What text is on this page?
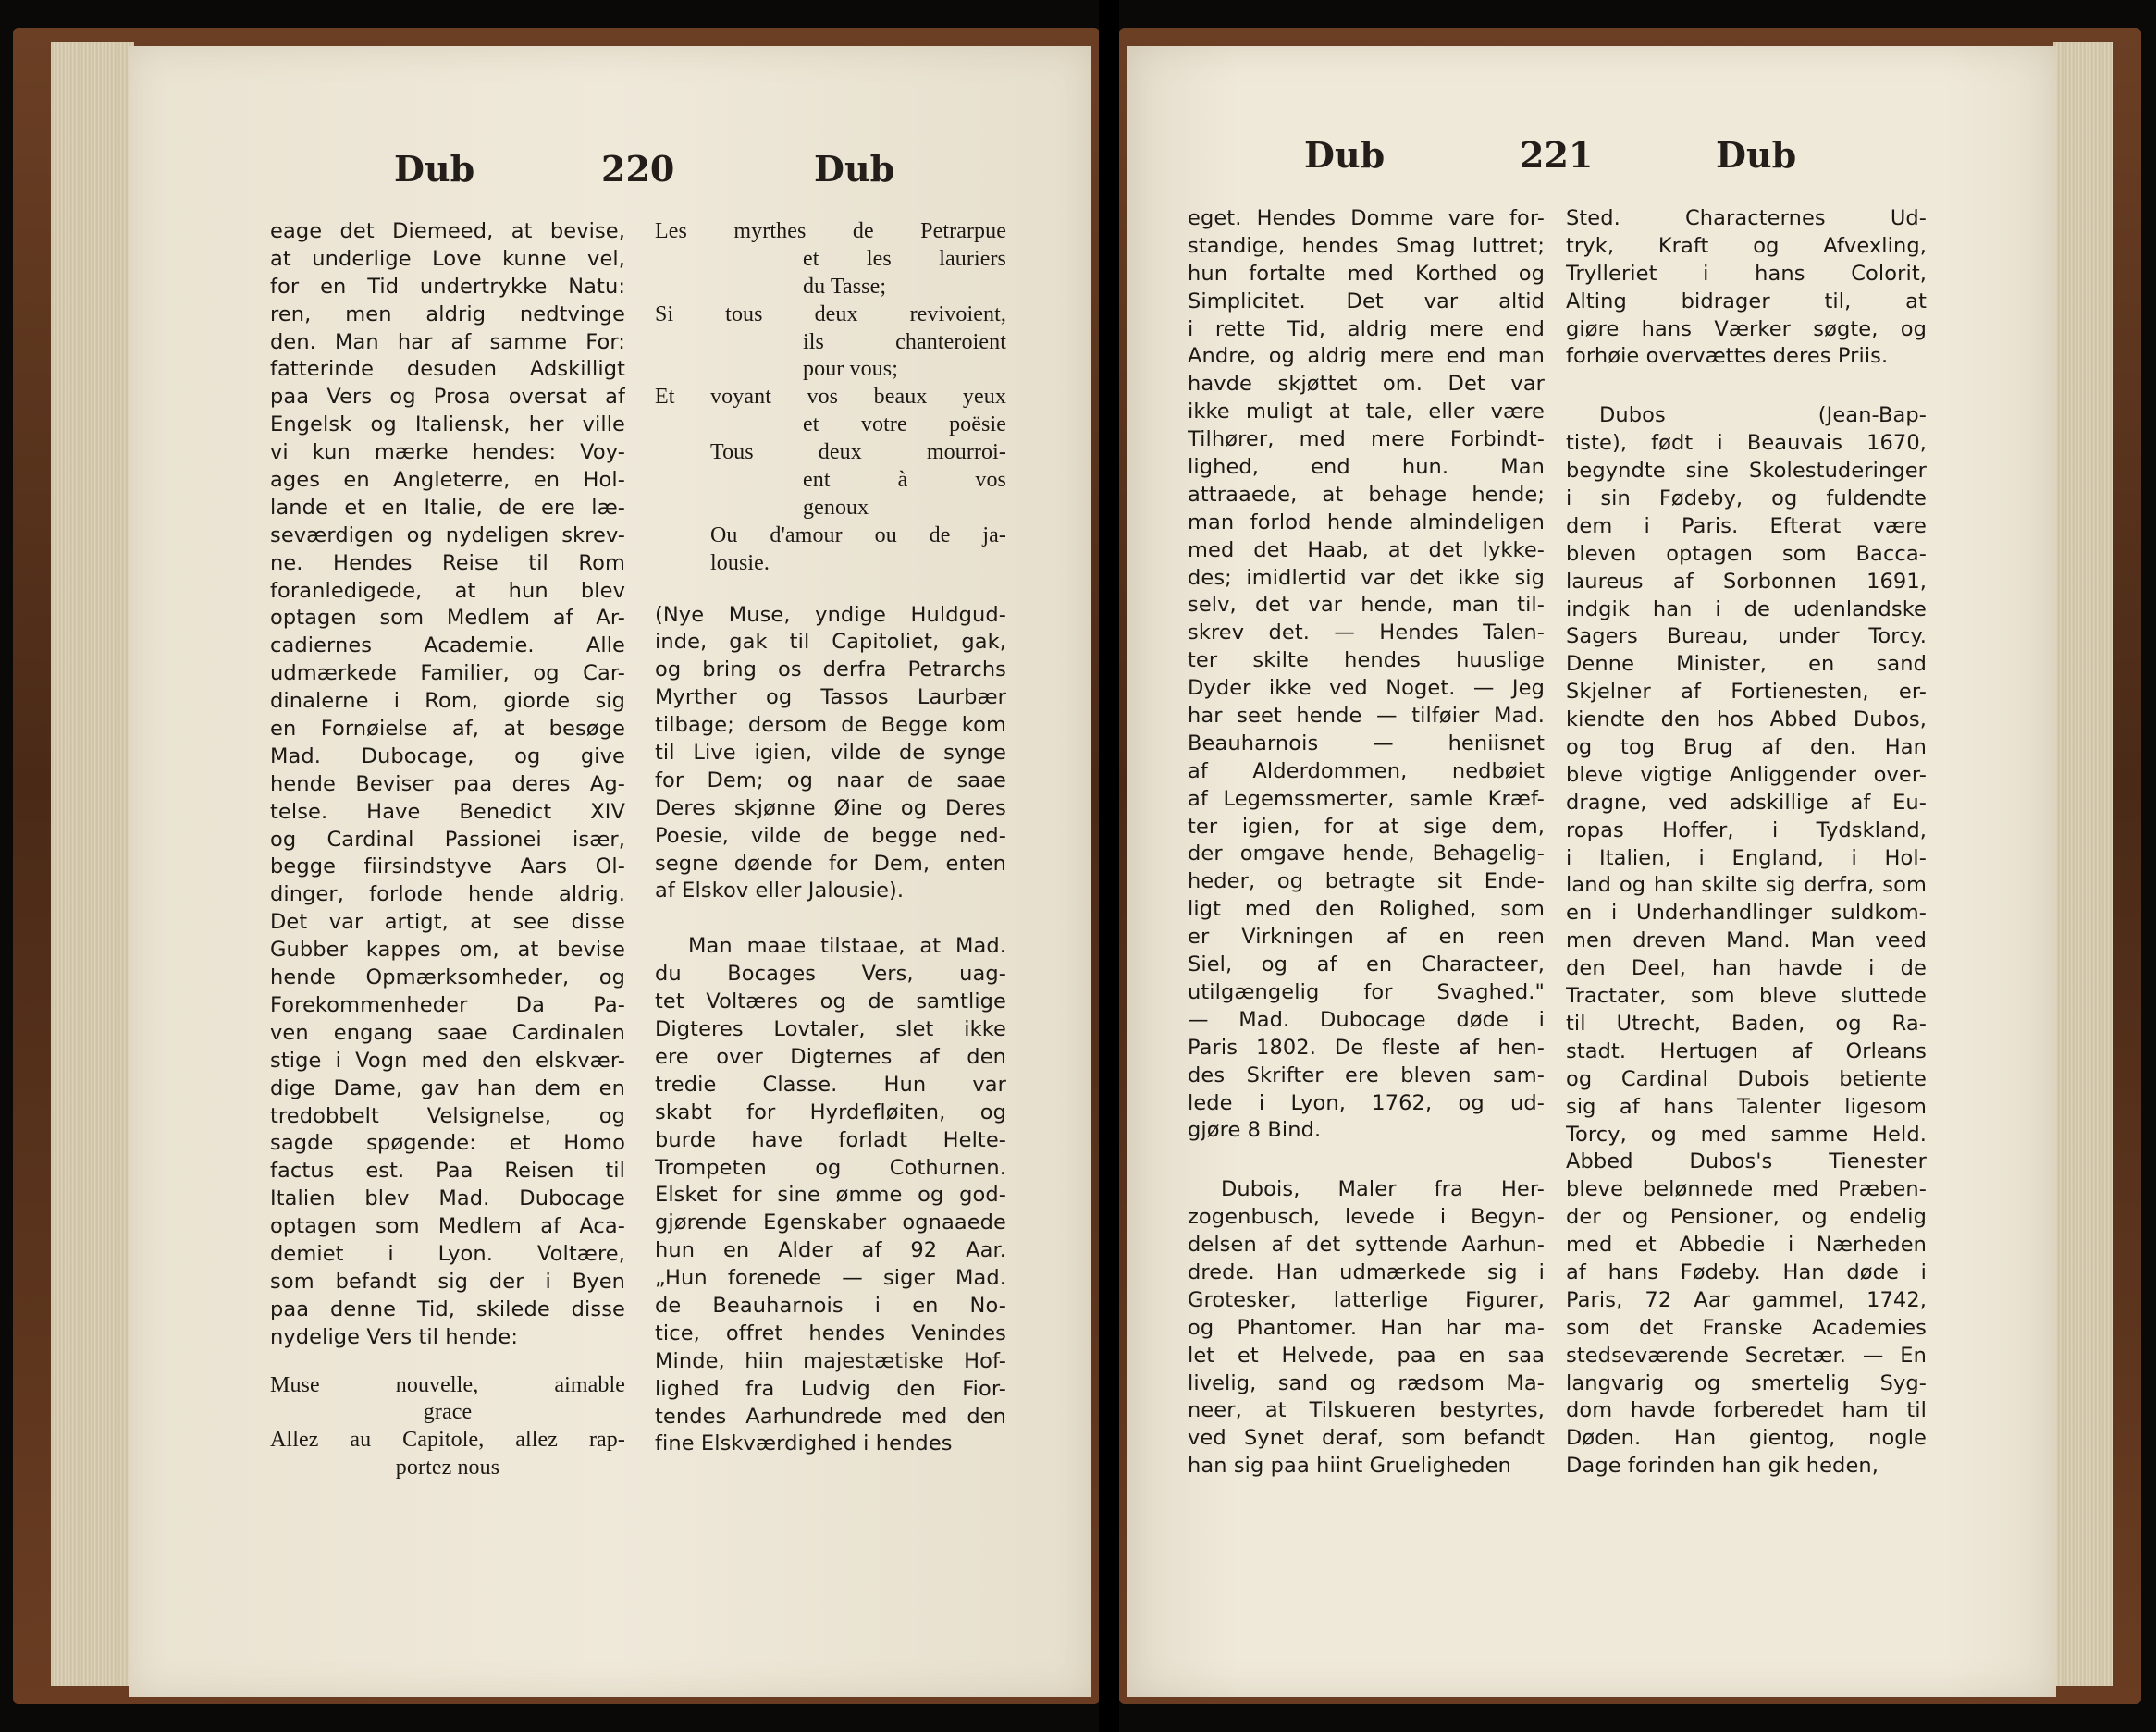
Dub	220	Dub	Dub	221	Dub
eage det Diemeed, at bevise,
at underlige Love kunne vel,
for en Tid undertrykke Natu:
ren, men aldrig nedtvinge
den. Man har af samme For:
fatterinde desuden Adskilligt
paa Vers og Prosa oversat af
Engelsk og Italiensk, her ville
vi kun mærke hendes: Voy-
ages en Angleterre, en Hol-
lande et en Italie, de ere læ-
seværdigen og nydeligen skrev-
ne. Hendes Reise til Rom
foranledigede, at hun blev
optagen som Medlem af Ar-
cadiernes Academie. Alle
udmærkede Familier, og Car-
dinalerne i Rom, giorde sig
en Fornøielse af, at besøge
Mad. Dubocage, og give
hende Beviser paa deres Ag-
telse. Have Benedict XIV
og Cardinal Passionei især,
begge fiirsindstyve Aars Ol-
dinger, forlode hende aldrig.
Det var artigt, at see disse
Gubber kappes om, at bevise
hende Opmærksomheder, og
Forekommenheder Da Pa-
ven engang saae Cardinalen
stige i Vogn med den elskvær-
dige Dame, gav han dem en
tredobbelt Velsignelse, og
sagde spøgende: et Homo
factus est. Paa Reisen til
Italien blev Mad. Dubocage
optagen som Medlem af Aca-
demiet i Lyon. Voltære,
som befandt sig der i Byen
paa denne Tid, skilede disse
nydelige Vers til hende:
Muse nouvelle, aimable
grace
Allez au Capitole, allez rap-
portez nous
Les myrthes de Petrarpue
et les lauriers
du Tasse;
Si tous deux revivoient,
ils chanteroient
pour vous;
Et voyant vos beaux yeux
et votre poësie
Tous deux mourroi-
ent à vos
genoux
Ou d'amour ou de ja-
lousie.
(Nye Muse, yndige Huldgud-
inde, gak til Capitoliet, gak,
og bring os derfra Petrarchs
Myrther og Tassos Laurbær
tilbage; dersom de Begge kom
til Live igien, vilde de synge
for Dem; og naar de saae
Deres skjønne Øine og Deres
Poesie, vilde de begge ned-
segne døende for Dem, enten
af Elskov eller Jalousie).
Man maae tilstaae, at Mad.
du Bocages Vers, uag-
tet Voltæres og de samtlige
Digteres Lovtaler, slet ikke
ere over Digternes af den
tredie Classe. Hun var
skabt for Hyrdefløiten, og
burde have forladt Helte-
Trompeten og Cothurnen.
Elsket for sine ømme og god-
gjørende Egenskaber ognaaede
hun en Alder af 92 Aar.
„Hun forenede — siger Mad.
de Beauharnois i en No-
tice, offret hendes Venindes
Minde, hiin majestætiske Hof-
lighed fra Ludvig den Fior-
tendes Aarhundrede med den
fine Elskværdighed i hendes
eget. Hendes Domme vare for-
standige, hendes Smag luttret;
hun fortalte med Korthed og
Simplicitet. Det var altid
i rette Tid, aldrig mere end
Andre, og aldrig mere end man
havde skjøttet om. Det var
ikke muligt at tale, eller være
Tilhører, med mere Forbindt-
lighed, end hun. Man
attraaede, at behage hende;
man forlod hende almindeligen
med det Haab, at det lykke-
des; imidlertid var det ikke sig
selv, det var hende, man til-
skrev det. — Hendes Talen-
ter skilte hendes huuslige
Dyder ikke ved Noget. — Jeg
har seet hende — tilføier Mad.
Beauharnois — heniisnet
af Alderdommen, nedbøiet
af Legemssmerter, samle Kræf-
ter igien, for at sige dem,
der omgave hende, Behagelig-
heder, og betragte sit Ende-
ligt med den Rolighed, som
er Virkningen af en reen
Siel, og af en Characteer,
utilgængelig for Svaghed."
— Mad. Dubocage døde i
Paris 1802. De fleste af hen-
des Skrifter ere bleven sam-
lede i Lyon, 1762, og ud-
gjøre 8 Bind.
Dubois, Maler fra Her-
zogenbusch, levede i Begyn-
delsen af det syttende Aarhun-
drede. Han udmærkede sig i
Grotesker, latterlige Figurer,
og Phantomer. Han har ma-
let et Helvede, paa en saa
livelig, sand og rædsom Ma-
neer, at Tilskueren bestyrtes,
ved Synet deraf, som befandt
han sig paa hiint Grueligheden
Sted. Characternes Ud-
tryk, Kraft og Afvexling,
Trylleriet i hans Colorit,
Alting bidrager til, at
giøre hans Værker søgte, og
forhøie overvættes deres Priis.
Dubos (Jean-Bap-
tiste), født i Beauvais 1670,
begyndte sine Skolestuderinger
i sin Fødeby, og fuldendte
dem i Paris. Efterat være
bleven optagen som Bacca-
laureus af Sorbonnen 1691,
indgik han i de udenlandske
Sagers Bureau, under Torcy.
Denne Minister, en sand
Skjelner af Fortienesten, er-
kiendte den hos Abbed Dubos,
og tog Brug af den. Han
bleve vigtige Anliggender over-
dragne, ved adskillige af Eu-
ropas Hoffer, i Tydskland,
i Italien, i England, i Hol-
land og han skilte sig derfra, som
en i Underhandlinger suldkom-
men dreven Mand. Man veed
den Deel, han havde i de
Tractater, som bleve sluttede
til Utrecht, Baden, og Ra-
stadt. Hertugen af Orleans
og Cardinal Dubois betiente
sig af hans Talenter ligesom
Torcy, og med samme Held.
Abbed Dubos's Tienester
bleve belønnede med Præben-
der og Pensioner, og endelig
med et Abbedie i Nærheden
af hans Fødeby. Han døde i
Paris, 72 Aar gammel, 1742,
som det Franske Academies
stedseværende Secretær. — En
langvarig og smertelig Syg-
dom havde forberedet ham til
Døden. Han gientog, nogle
Dage forinden han gik heden,
